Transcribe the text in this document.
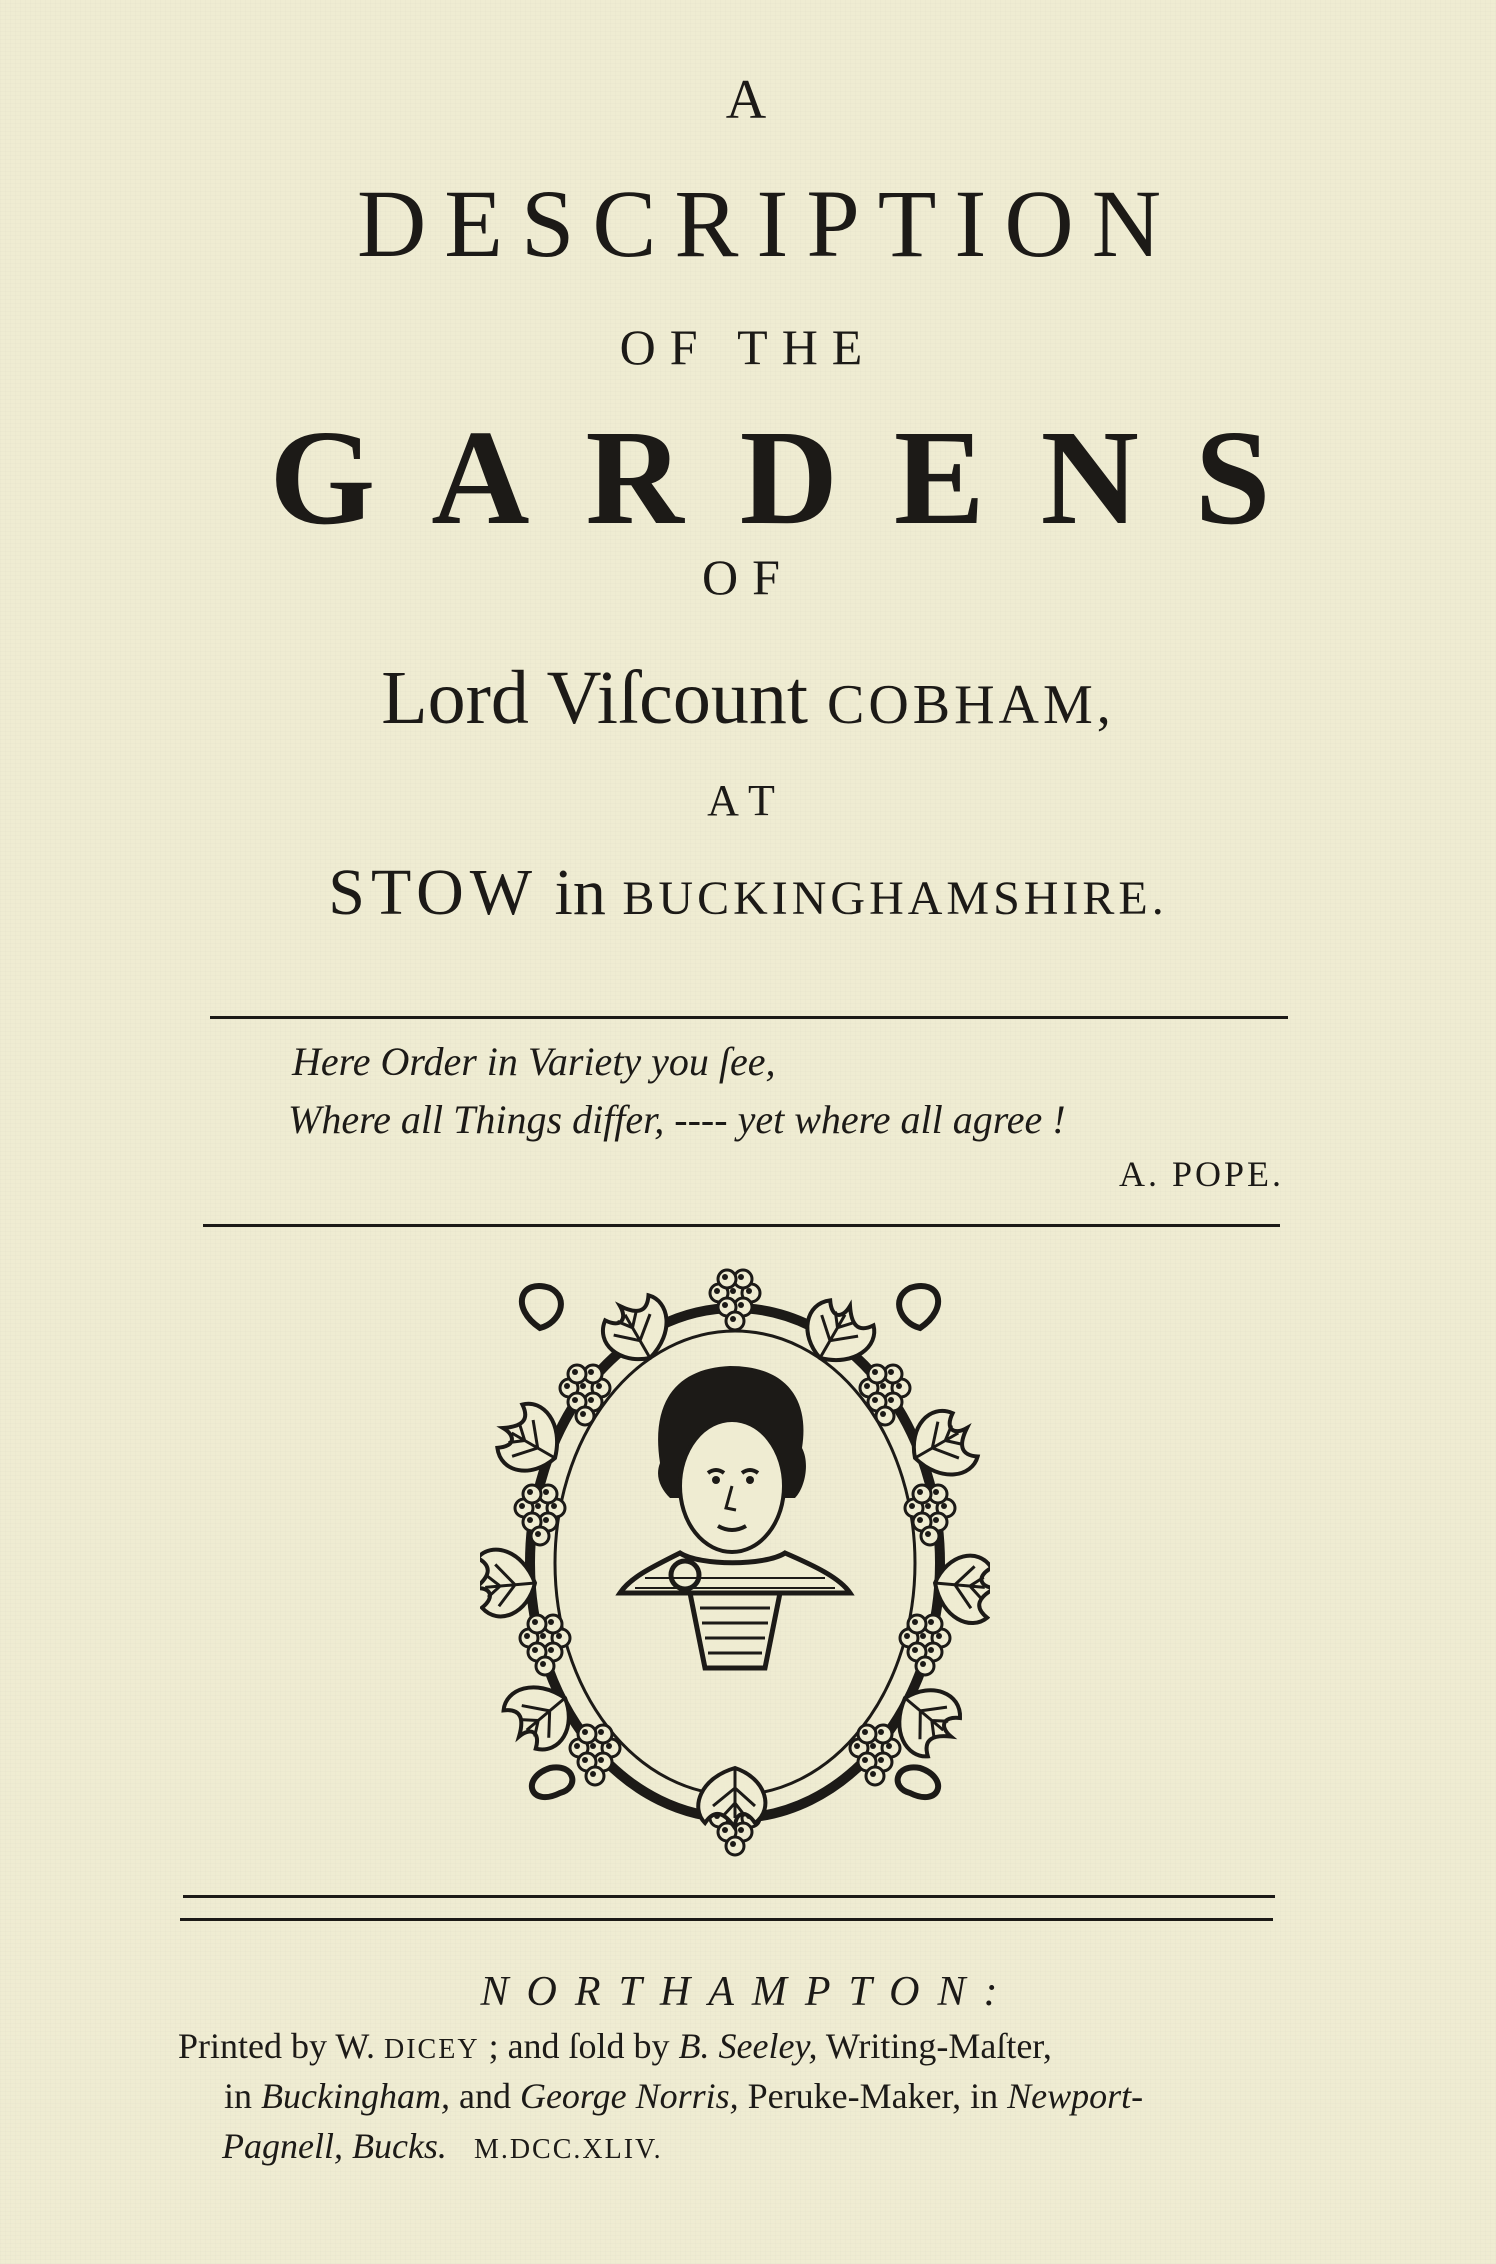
A
DESCRIPTION
OF THE
GARDENS
OF
Lord Viſcount COBHAM,
AT
STOW in BUCKINGHAMSHIRE.
Here Order in Variety you ſee,
Where all Things differ, ---- yet where all agree !
A. POPE.
NORTHAMPTON:
Printed by W. DICEY ; and ſold by B. Seeley, Writing-Maſter,
in Buckingham, and George Norris, Peruke-Maker, in Newport-
Pagnell, Bucks. M.DCC.XLIV.
